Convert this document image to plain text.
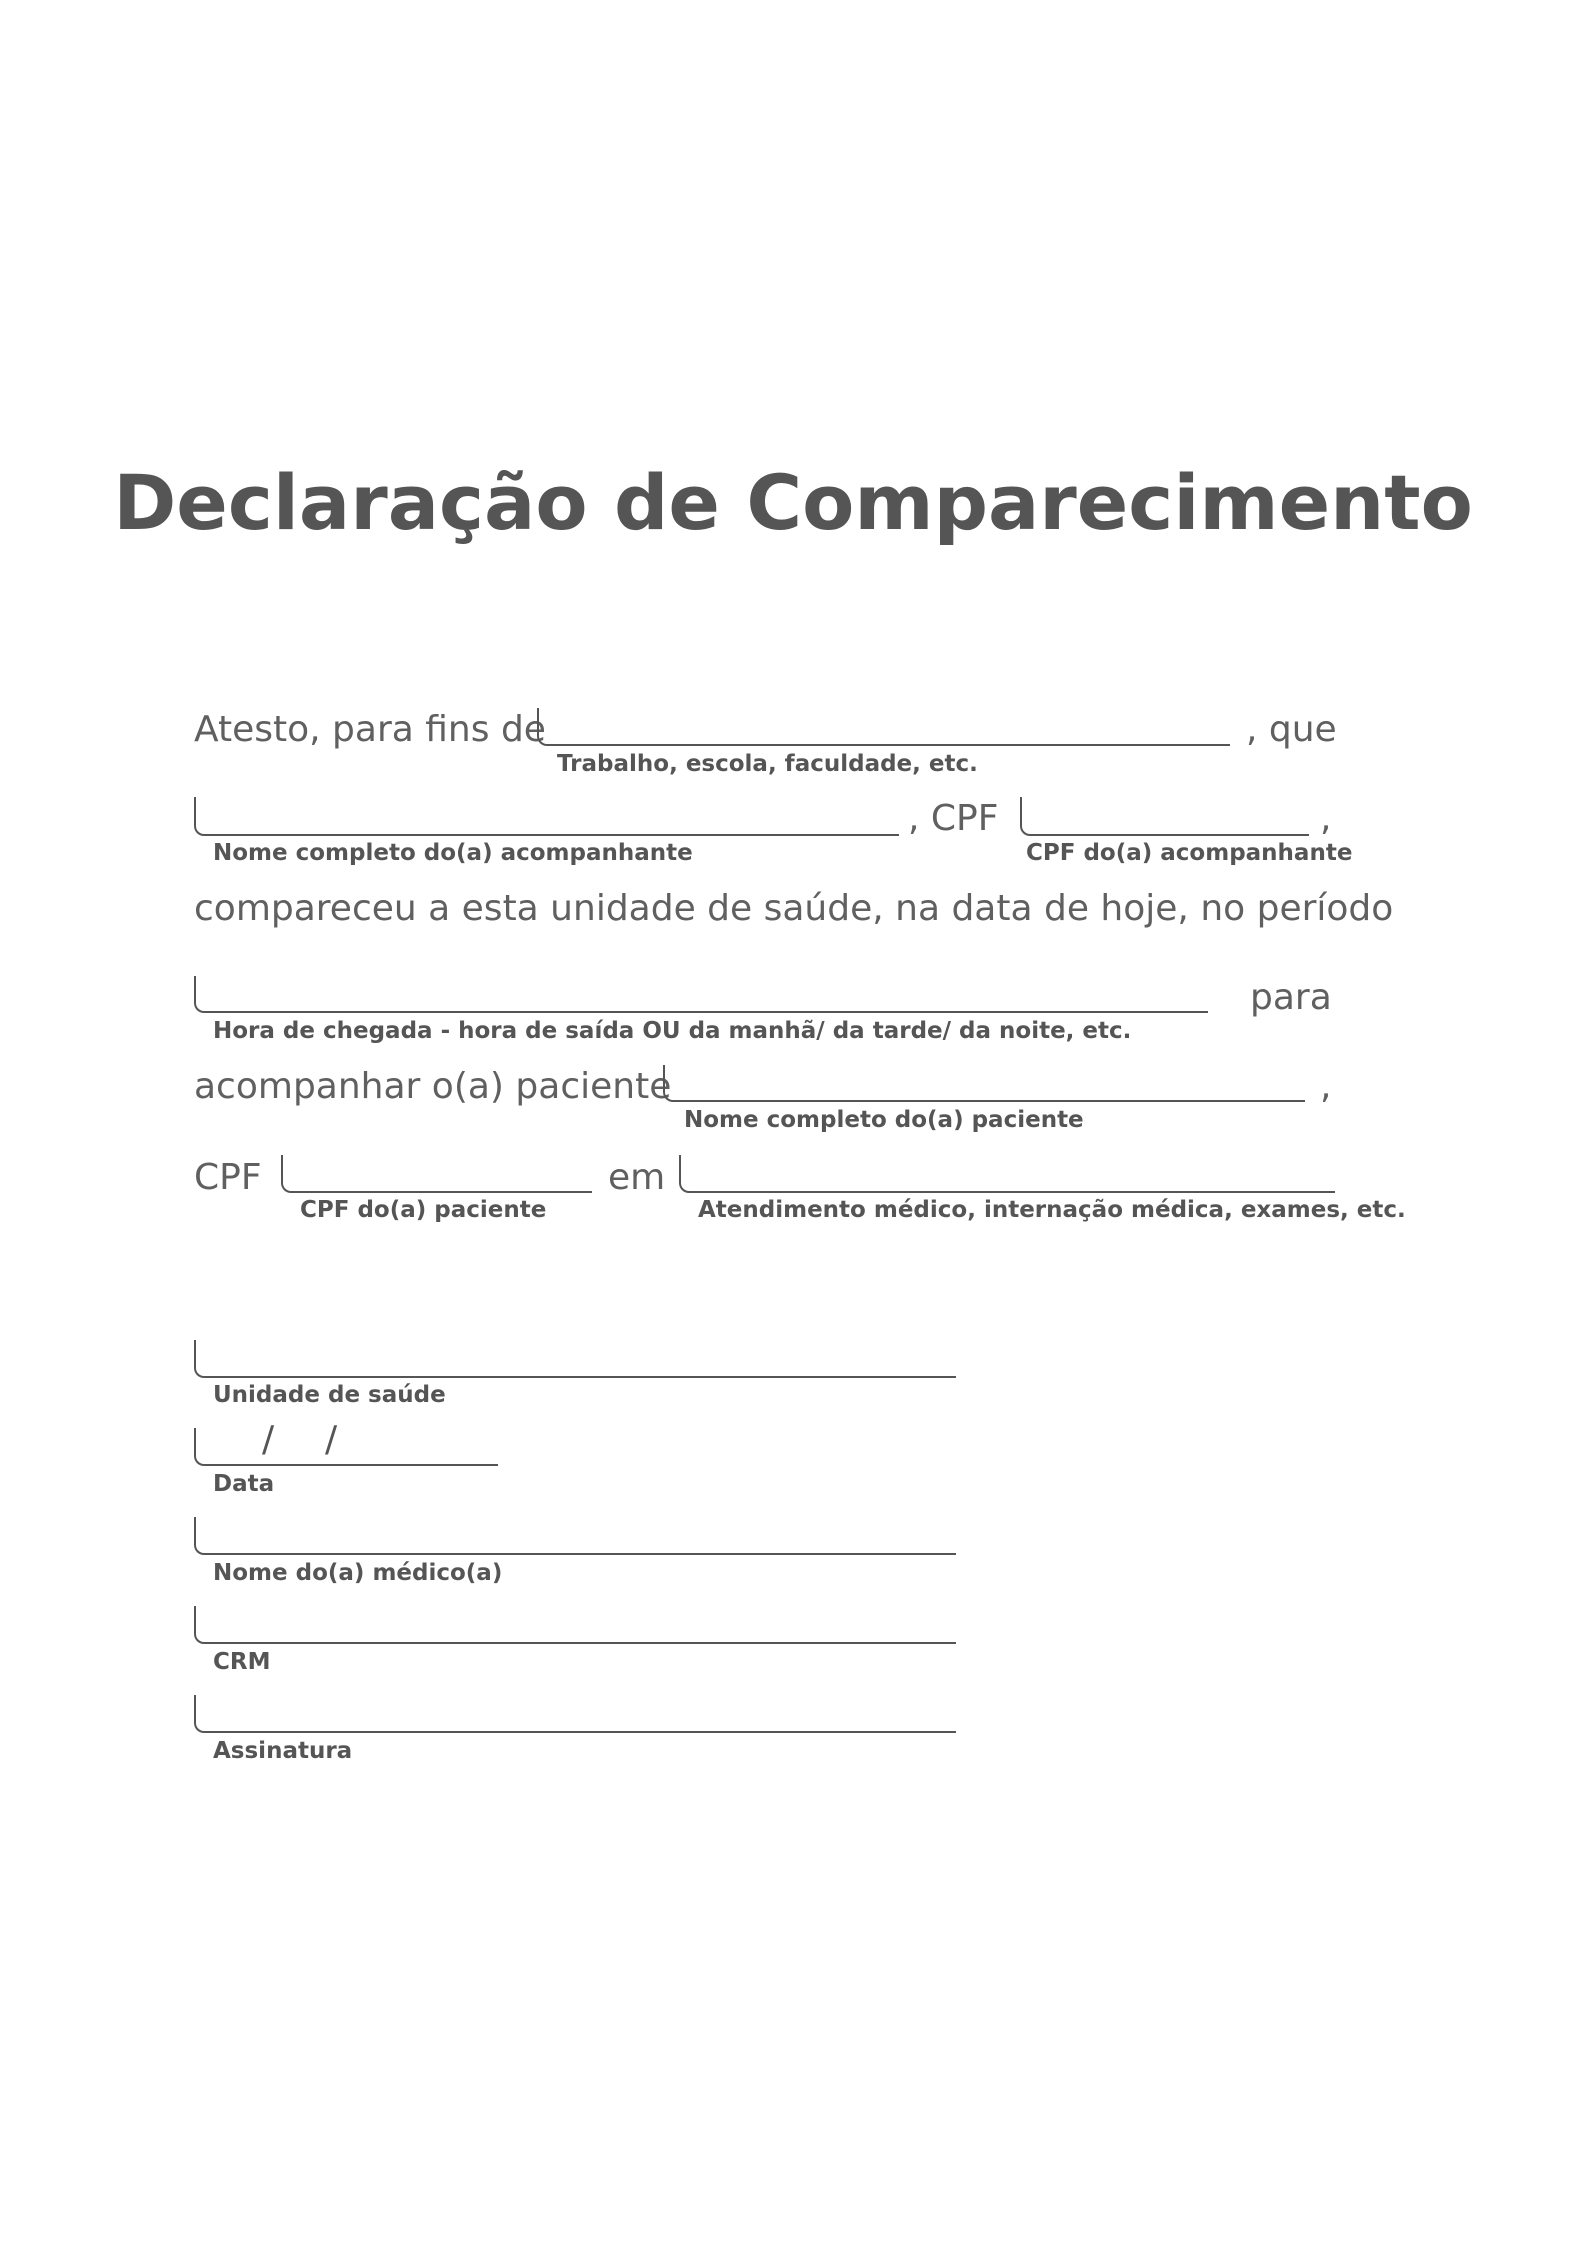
Declaração de Comparecimento
Atesto, para fins de
Trabalho, escola, faculdade, etc.
, que
Nome completo do(a) acompanhante
, CPF
CPF do(a) acompanhante
,
compareceu a esta unidade de saúde, na data de hoje, no período
Hora de chegada - hora de saída OU da manhã/ da tarde/ da noite, etc.
para
acompanhar o(a) paciente
Nome completo do(a) paciente
,
CPF
CPF do(a) paciente
em
Atendimento médico, internação médica, exames, etc.
Unidade de saúde
/ /
Data
Nome do(a) médico(a)
CRM
Assinatura
